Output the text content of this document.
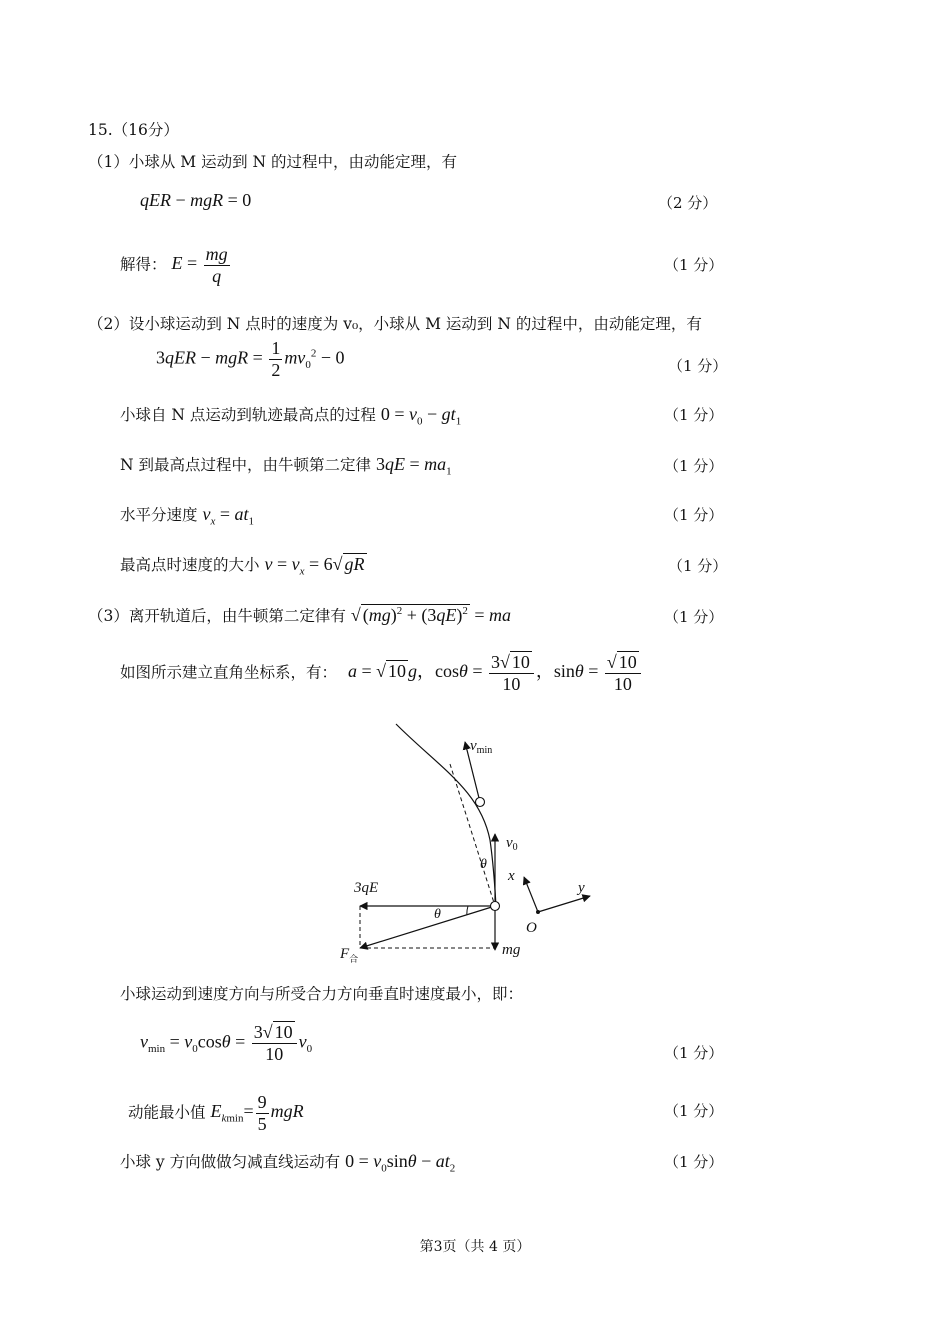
15.（16分）
（1）小球从 M 运动到 N 的过程中，由动能定理，有
qER − mgR = 0	（2 分）
解得： $E = \frac{mg}{q}$	（1 分）
（2）设小球运动到 N 点时的速度为 v₀，小球从 M 运动到 N 的过程中，由动能定理，有
3qER − mgR = $\frac{1}{2} mv_0^2 - 0$	（1 分）
小球自 N 点运动到轨迹最高点的过程 $0 = v_0 - gt_1$	（1 分）
N 到最高点过程中，由牛顿第二定律 $3qE = ma_1$	（1 分）
水平分速度 $v_x = at_1$	（1 分）
最高点时速度的大小 $v = v_x = 6√$ gR	（1 分）
（3）离开轨道后，由牛顿第二定律有 √ $(mg)^2 + (3qE)^2$ = ma	（1 分）
如图所示建立直角坐标系，有： a = √ 10 g，$\cos\theta = \frac{3√ 10}{10}$ ，$\sin\theta = \frac{√ 10}{10}$
$v_{min}$
$v_0$
θ
θ
3qE
$F_合$
mg
x
y
O
小球运动到速度方向与所受合力方向垂直时速度最小，即：
$v_{min} = v_0\cos\theta = \frac{3√ 10}{10} v_0$	（1 分）
动能最小值 $E_{kmin}= \frac{9}{5}$ mgR	（1 分）
小球 y 方向做做匀减直线运动有 $0 = v_0\sin\theta - at_2$	（1 分）
第3页（共 4 页）
